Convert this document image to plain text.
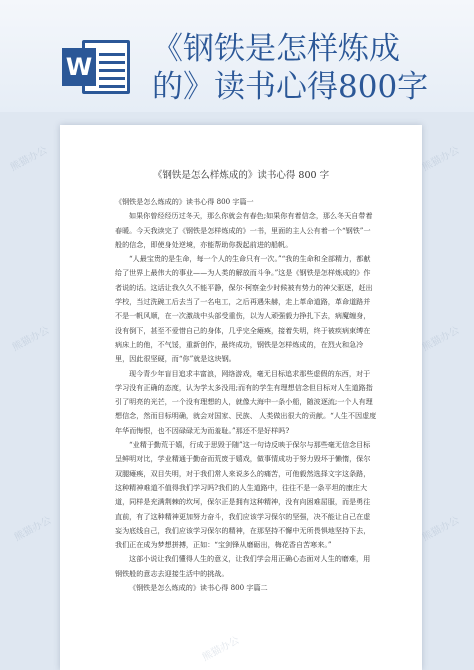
W 《钢铁是怎样炼成
的》读书心得800字
《钢铁是怎么样炼成的》读书心得 800 字

《钢铁是怎么炼成的》读书心得 800 字篇一

如果你曾经经历过冬天，那么你就会有春色;如果你有着信念，那么冬天自带着春暖。今天我读完了《钢铁是怎样炼成的》一书，里面的主人公有着一个“钢铁”一般的信念，即使身处逆境，亦能帮助你拨起前进的船帆。

“人最宝贵的是生命，每一个人的生命只有一次。”“我的生命和全部精力，都献给了世界上最伟大的事业——为人类的解放而斗争。”这是《钢铁是怎样炼成的》作者说的话。这话让我久久不能平静，保尔·柯察金少时候被有势力的神父驱逐，赶出学校，当过洗碗工后去当了一名电工，之后再遇朱赫，走上革命道路，革命道路并不是一帆风顺，在一次激战中头部受重伤，以为人顽强毅力挣扎下去，病魔缠身，没有倒下，甚至不爱惜自己的身体，几乎完全瘫痪，接着失明，终于被疾病束缚在病床上的他，不气馁，重新创作，最终成功，钢铁是怎样炼成的，在烈火和急冷里，因此很坚硬，而“你”就是这块钢。

现今青少年盲目追求丰富浪，网络游戏，毫无目标追求那些虚假的东西，对于学习没有正确的态度，认为学太多没用;而有的学生有理想信念但目标对人生道路指引了明亮的光芒，一个没有理想的人，就像大海中一条小船，随波逐流;一个人有理想信念，然而目标明确，就会对国家、民族、 人类做出很大的贡献。“人生不因虚度年华而悔恨，也不因碌碌无为而羞耻。”那还不是好样吗?

“业精于勤荒于嬉，行成于思毁于随”这一句诗反映于保尔与那些毫无信念目标呈鲜明对比，学业精通于勤奋而荒废于嬉戏，做事情成功于努力毁坏于懒惰，保尔双腿瘫痪，双目失明，对于我们常人来说多么的痛苦，可他毅然选择文字这条路，这种精神难道不值得我们学习吗?我们的人生道路中，往往不是一条平坦的康庄大道，同样是充满荆棘的坎坷，保尔正是拥有这种精神，没有向困难屈服，而是勇往直前，有了这种精神更加努力奋斗，我们应该学习保尔的坚强，决不能让自己在虚妄为底线自己，我们应该学习保尔的精神，在那坚持不懈中无所畏惧地坚持下去，我们正在成为梦想拼搏，正如：“宝剑锋从磨砺出，梅花香自苦寒来。”

这部小说让我们懂得人生的意义，让我们学会用正确心态面对人生的磨难，用钢铁般的意志去迎接生活中的挑战。

《钢铁是怎么炼成的》读书心得 800 字篇二

熊猫办公
熊猫办公
熊猫办公
熊猫办公
熊猫办公
熊猫办公
熊猫办公
